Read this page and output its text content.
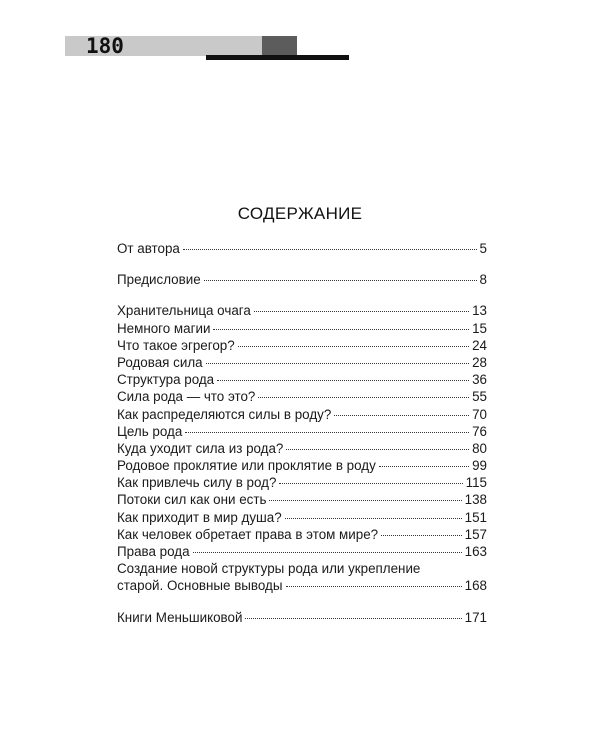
180
СОДЕРЖАНИЕ
От автора	5
Предисловие	8
Хранительница очага	13
Немного магии	15
Что такое эгрегор?	24
Родовая сила	28
Структура рода	36
Сила рода — что это?	55
Как распределяются силы в роду?	70
Цель рода	76
Куда уходит сила из рода?	80
Родовое проклятие или проклятие в роду	99
Как привлечь силу в род?	115
Потоки сил как они есть	138
Как приходит в мир душа?	151
Как человек обретает права в этом мире?	157
Права рода	163
Создание новой структуры рода или укрепление
старой. Основные выводы	168
Книги Меньшиковой	171
